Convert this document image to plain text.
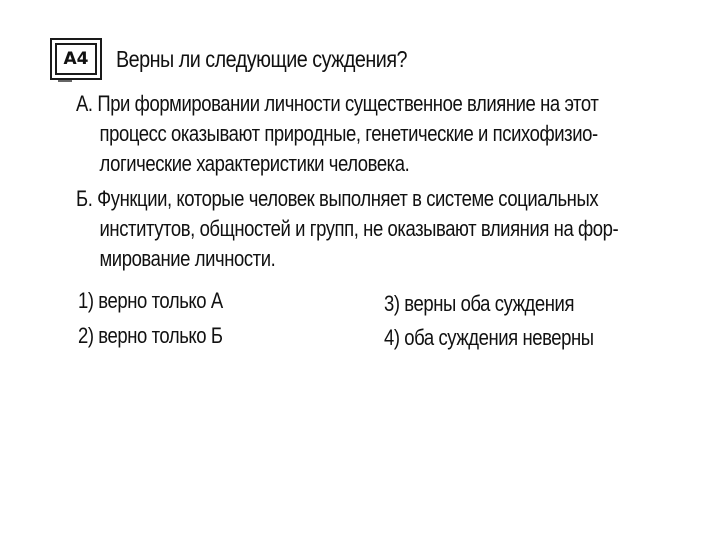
А4	Верны ли следующие суждения?
А. При формировании личности существенное влияние на этот
процесс оказывают природные, генетические и психофизио-
логические характеристики человека.
Б. Функции, которые человек выполняет в системе социальных
институтов, общностей и групп, не оказывают влияния на фор-
мирование личности.
1) верно только А
2) верно только Б
3) верны оба суждения
4) оба суждения неверны
